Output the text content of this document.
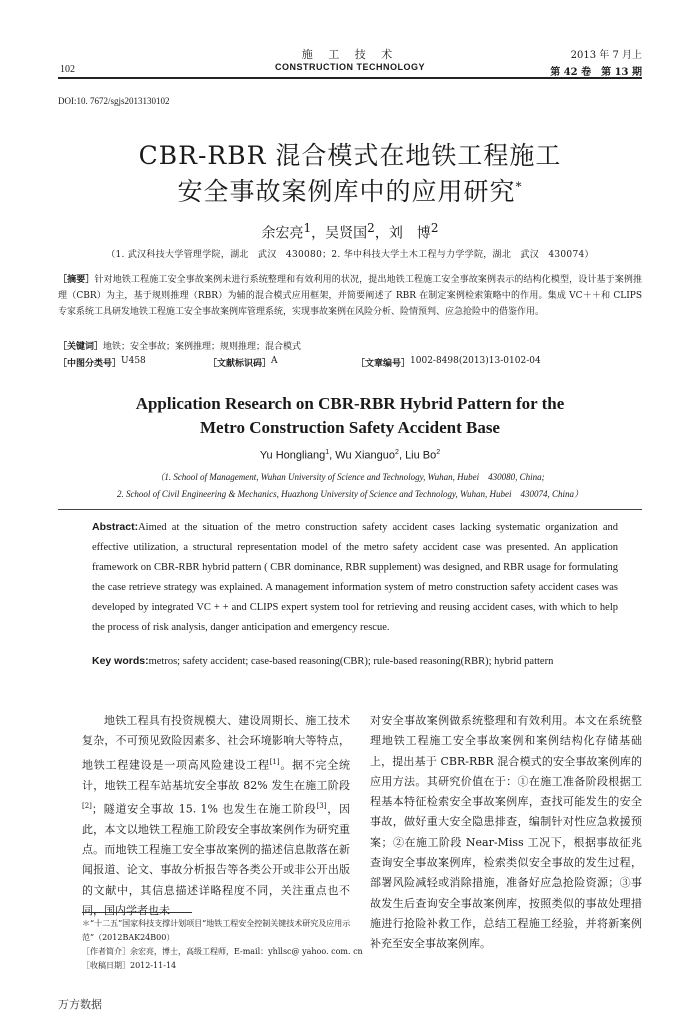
施 工 技 术
CONSTRUCTION TECHNOLOGY
102
2013 年 7 月上
第 42 卷　第 13 期
DOI:10. 7672/sgjs2013130102
CBR-RBR 混合模式在地铁工程施工
安全事故案例库中的应用研究*
余宏亮1，吴贤国2，刘　博2
（1. 武汉科技大学管理学院，湖北　武汉　430080；2. 华中科技大学土木工程与力学学院，湖北　武汉　430074）
［摘要］针对地铁工程施工安全事故案例未进行系统整理和有效利用的状况，提出地铁工程施工安全事故案例表示的结构化模型，设计基于案例推理（CBR）为主，基于规则推理（RBR）为辅的混合模式应用框架，并简要阐述了 RBR 在制定案例检索策略中的作用。集成 VC＋＋和 CLIPS 专家系统工具研发地铁工程施工安全事故案例库管理系统，实现事故案例在风险分析、险情预判、应急抢险中的借鉴作用。
［关键词］地铁；安全事故；案例推理；规则推理；混合模式
［中图分类号］ U458	［文献标识码］ A	［文章编号］ 1002-8498(2013)13-0102-04
Application Research on CBR-RBR Hybrid Pattern for the
Metro Construction Safety Accident Base
Yu Hongliang$^1$, Wu Xianguo$^2$, Liu Bo$^2$
（1. School of Management, Wuhan University of Science and Technology, Wuhan, Hubei　430080, China;
2. School of Civil Engineering & Mechanics, Huazhong University of Science and Technology, Wuhan, Hubei　430074, China）
Abstract:Aimed at the situation of the metro construction safety accident cases lacking systematic organization and effective utilization, a structural representation model of the metro safety accident case was presented. An application framework on CBR-RBR hybrid pattern ( CBR dominance, RBR supplement) was designed, and RBR usage for formulating the case retrieve strategy was explained. A management information system of metro construction safety accident cases was developed by integrated VC + + and CLIPS expert system tool for retrieving and reusing accident cases, with which to help the process of risk analysis, danger anticipation and emergency rescue.
Key words:metros; safety accident; case-based reasoning(CBR); rule-based reasoning(RBR); hybrid pattern

地铁工程具有投资规模大、建设周期长、施工技术复杂，不可预见致险因素多、社会环境影响大等特点，地铁工程建设是一项高风险建设工程[1]。据不完全统计，地铁工程车站基坑安全事故 82% 发生在施工阶段[2]；隧道安全事故 15. 1% 也发生在施工阶段[3]，因此，本文以地铁工程施工阶段安全事故案例作为研究重点。而地铁工程施工安全事故案例的描述信息散落在新闻报道、论文、事故分析报告等各类公开或非公开出版的文献中，其信息描述详略程度不同，关注重点也不同，国内学者也未

对安全事故案例做系统整理和有效利用。本文在系统整理地铁工程施工安全事故案例和案例结构化存储基础上，提出基于 CBR-RBR 混合模式的安全事故案例库的应用方法。其研究价值在于：①在施工准备阶段根据工程基本特征检索安全事故案例库，查找可能发生的安全事故，做好重大安全隐患排查，编制针对性应急救援预案；②在施工阶段 Near-Miss 工况下，根据事故征兆查询安全事故案例库，检索类似安全事故的发生过程，部署风险减轻或消除措施，准备好应急抢险资源；③事故发生后查询安全事故案例库，按照类似的事故处理措施进行抢险补救工作，总结工程施工经验，并将新案例补充至安全事故案例库。

＊“十二五”国家科技支撑计划项目“地铁工程安全控制关键技术研究及应用示范”（2012BAK24B00）

［作者简介］余宏亮，博士，高级工程师，E-mail：yhllsc@ yahoo. com. cn

［收稿日期］2012-11-14

万方数据
